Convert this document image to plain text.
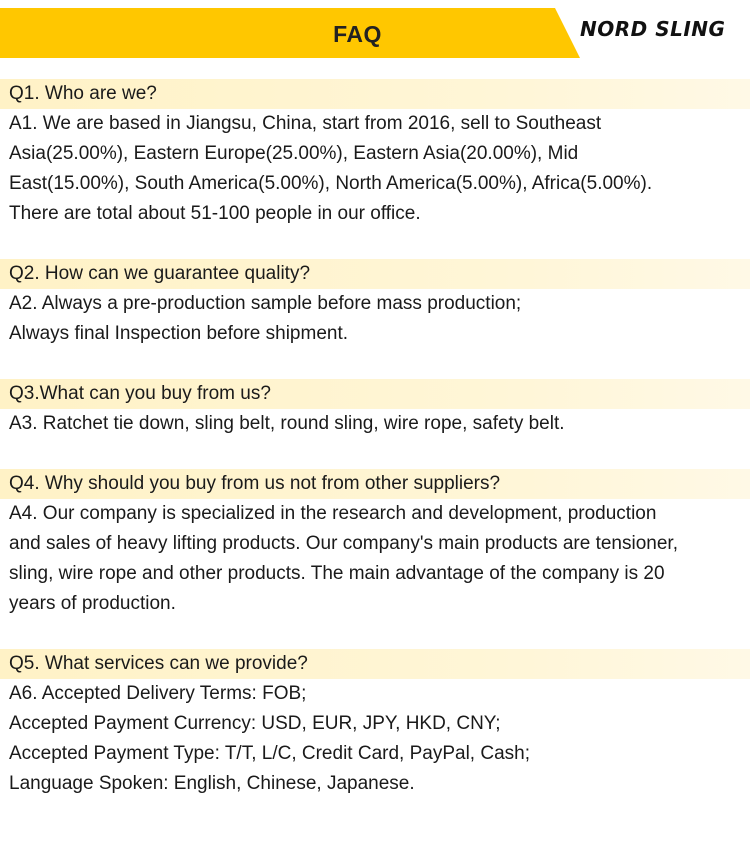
FAQ	NORD SLING
Q1. Who are we?
A1. We are based in Jiangsu, China, start from 2016, sell to Southeast
Asia(25.00%), Eastern Europe(25.00%), Eastern Asia(20.00%), Mid
East(15.00%), South America(5.00%), North America(5.00%), Africa(5.00%).
There are total about 51-100 people in our office.
Q2. How can we guarantee quality?
A2. Always a pre-production sample before mass production;
Always final Inspection before shipment.
Q3.What can you buy from us?
A3. Ratchet tie down, sling belt, round sling, wire rope, safety belt.
Q4. Why should you buy from us not from other suppliers?
A4. Our company is specialized in the research and development, production
and sales of heavy lifting products. Our company's main products are tensioner,
sling, wire rope and other products. The main advantage of the company is 20
years of production.
Q5. What services can we provide?
A6. Accepted Delivery Terms: FOB;
Accepted Payment Currency: USD, EUR, JPY, HKD, CNY;
Accepted Payment Type: T/T, L/C, Credit Card, PayPal, Cash;
Language Spoken: English, Chinese, Japanese.
